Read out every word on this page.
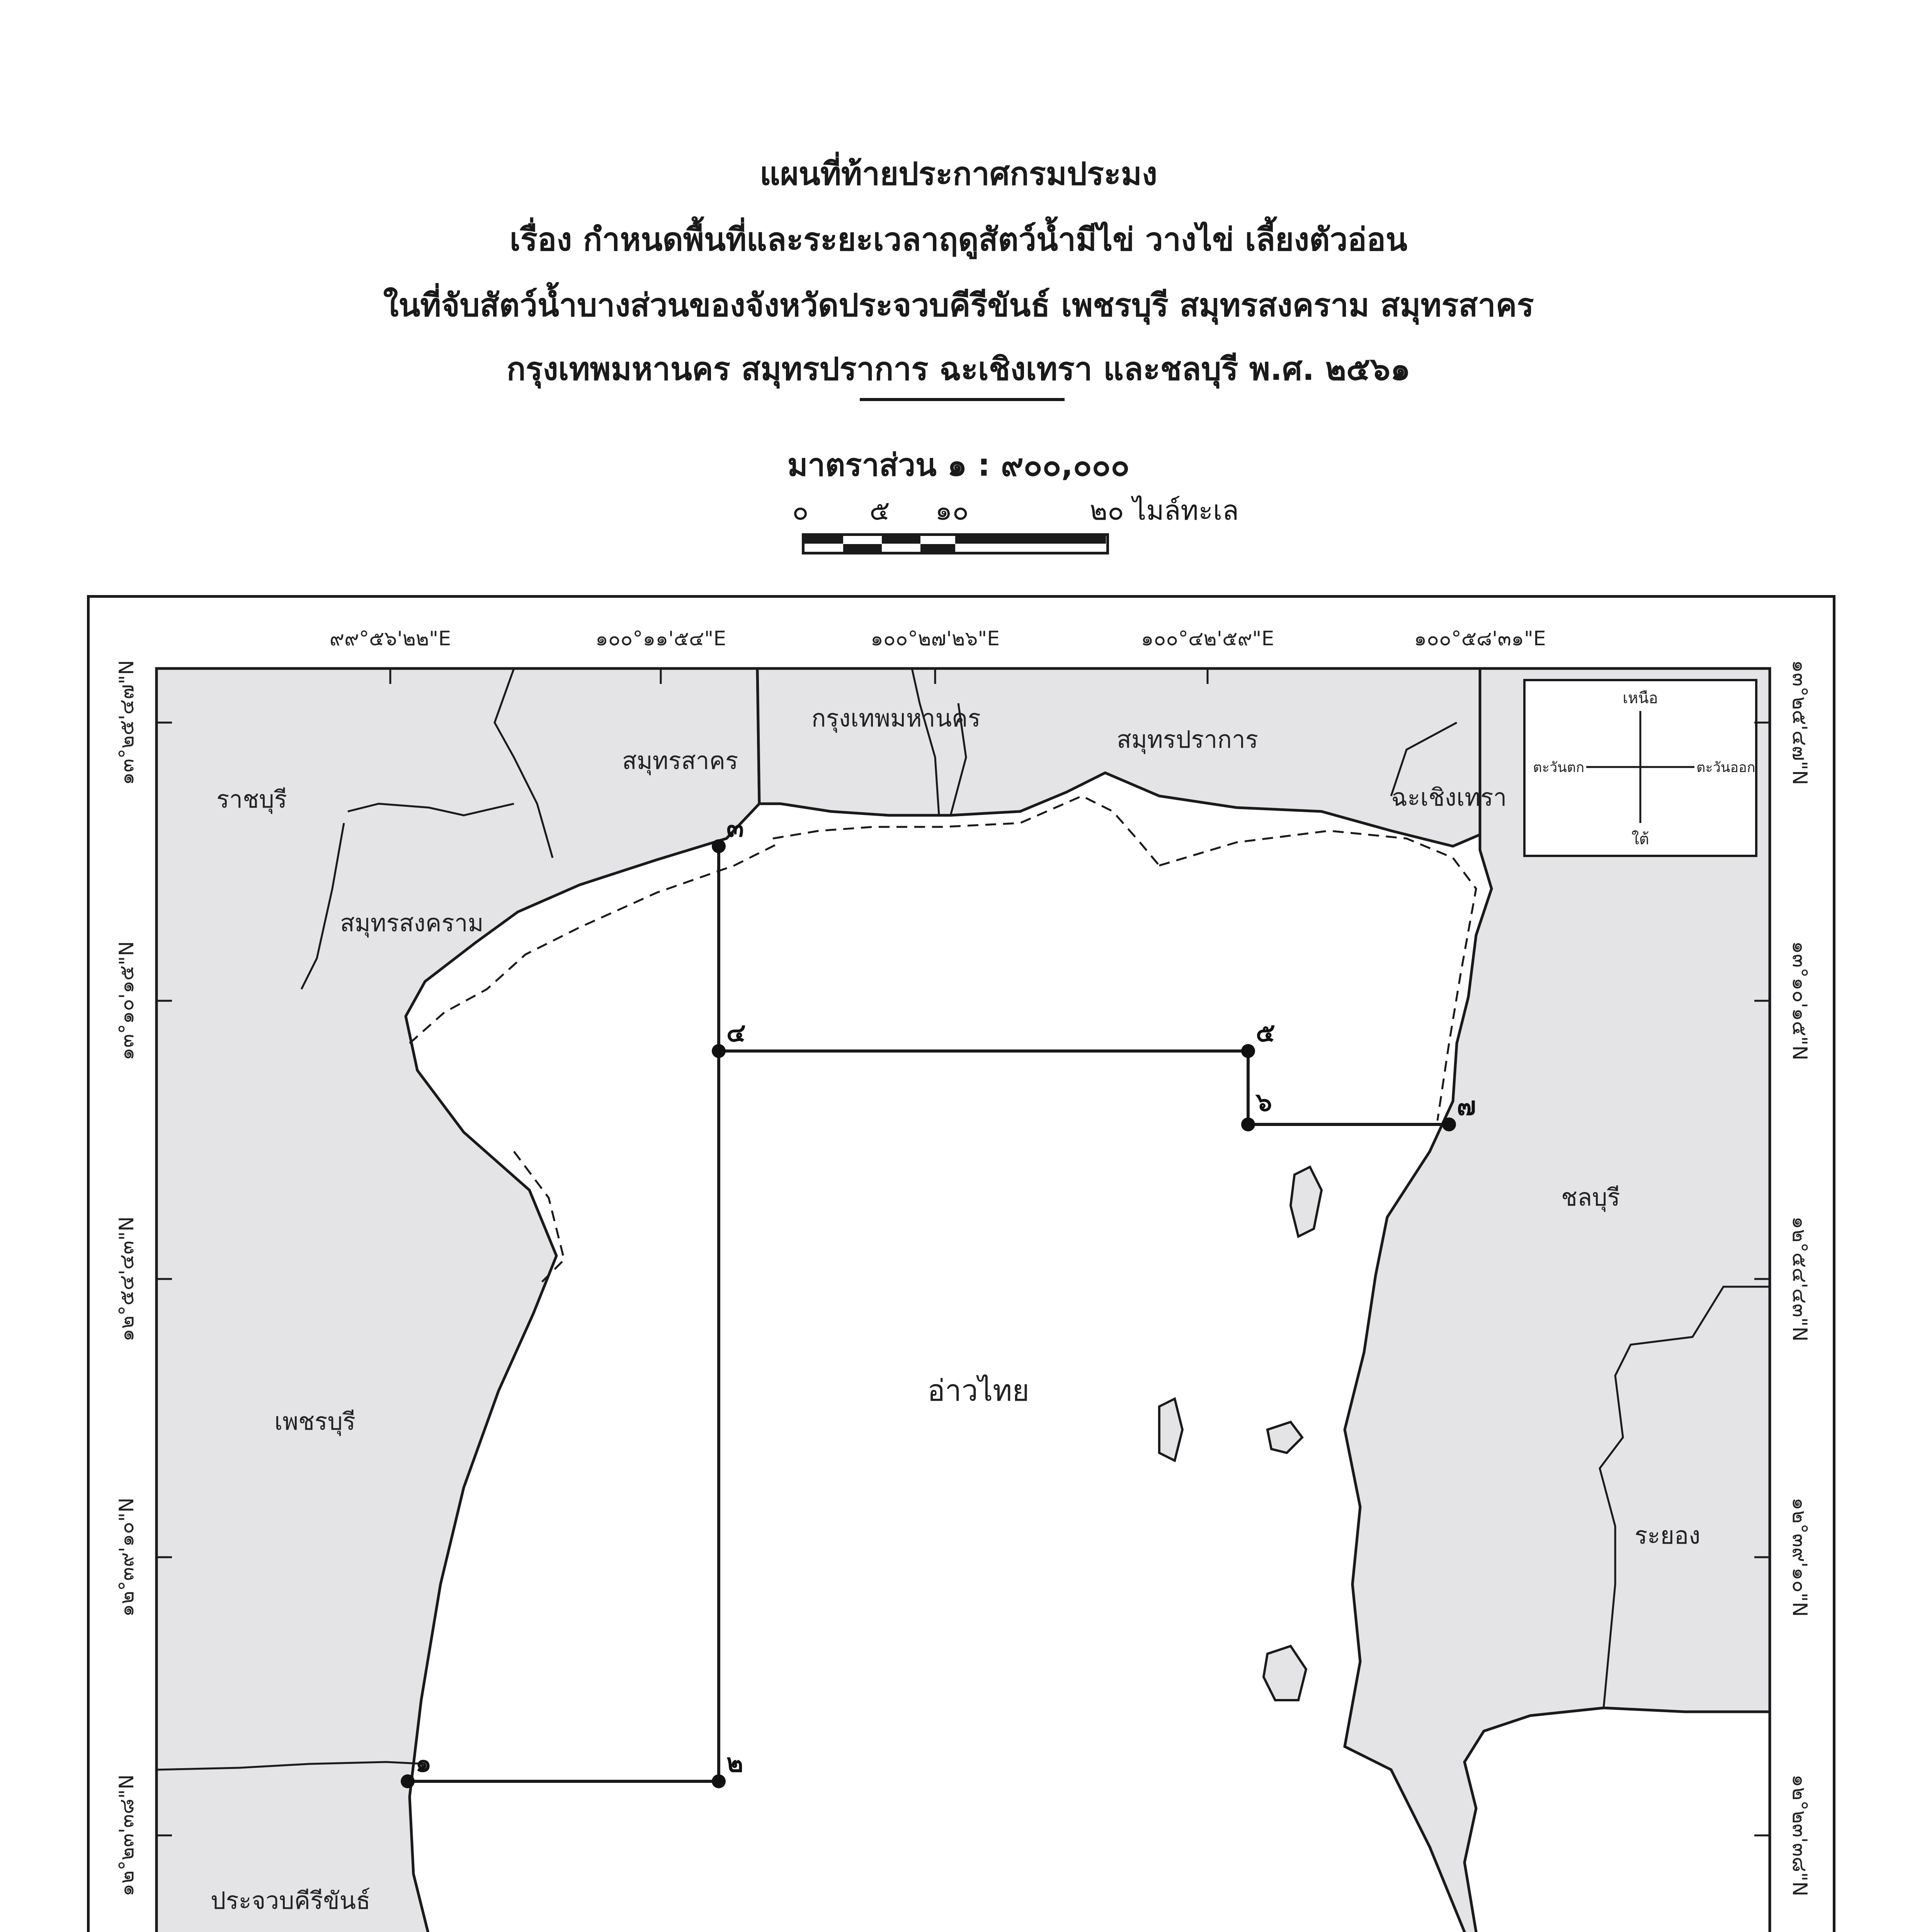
แผนที่ท้ายประกาศกรมประมง
เรื่อง กำหนดพื้นที่และระยะเวลาฤดูสัตว์น้ำมีไข่ วางไข่ เลี้ยงตัวอ่อน
ในที่จับสัตว์น้ำบางส่วนของจังหวัดประจวบคีรีขันธ์ เพชรบุรี สมุทรสงคราม สมุทรสาคร
กรุงเทพมหานคร สมุทรปราการ ฉะเชิงเทรา และชลบุรี พ.ศ. ๒๕๖๑
มาตราส่วน ๑ : ๙๐๐,๐๐๐
๐ ๕ ๑๐	๒๐ ไมล์ทะเล
๑	๒
๓
๔	๕
๖	๗
ราชบุรี
สมุทรสาคร
กรุงเทพมหานคร
สมุทรปราการ
ฉะเชิงเทรา
สมุทรสงคราม
ชลบุรี
เพชรบุรี
อ่าวไทย
ระยอง
ประจวบคีรีขันธ์
เหนือ
ใต้
ตะวันตก	ตะวันออก
๙๙°๕๖'๒๒"E	๑๐๐°๑๑'๕๔"E	๑๐๐°๒๗'๒๖"E	๑๐๐°๔๒'๕๙"E	๑๐๐°๕๘'๓๑"E
๑๓°๒๕'๔๗"N
๑๓°๑๐'๑๕"N
๑๒°๕๔'๔๓"N
๑๒°๓๙'๑๐"N
๑๒°๒๓'๓๘"N
๑๓°๒๕'๔๗"N
๑๓°๑๐'๑๕"N
๑๒°๕๔'๔๓"N
๑๒°๓๙'๑๐"N
๑๒°๒๓'๓๘"N
